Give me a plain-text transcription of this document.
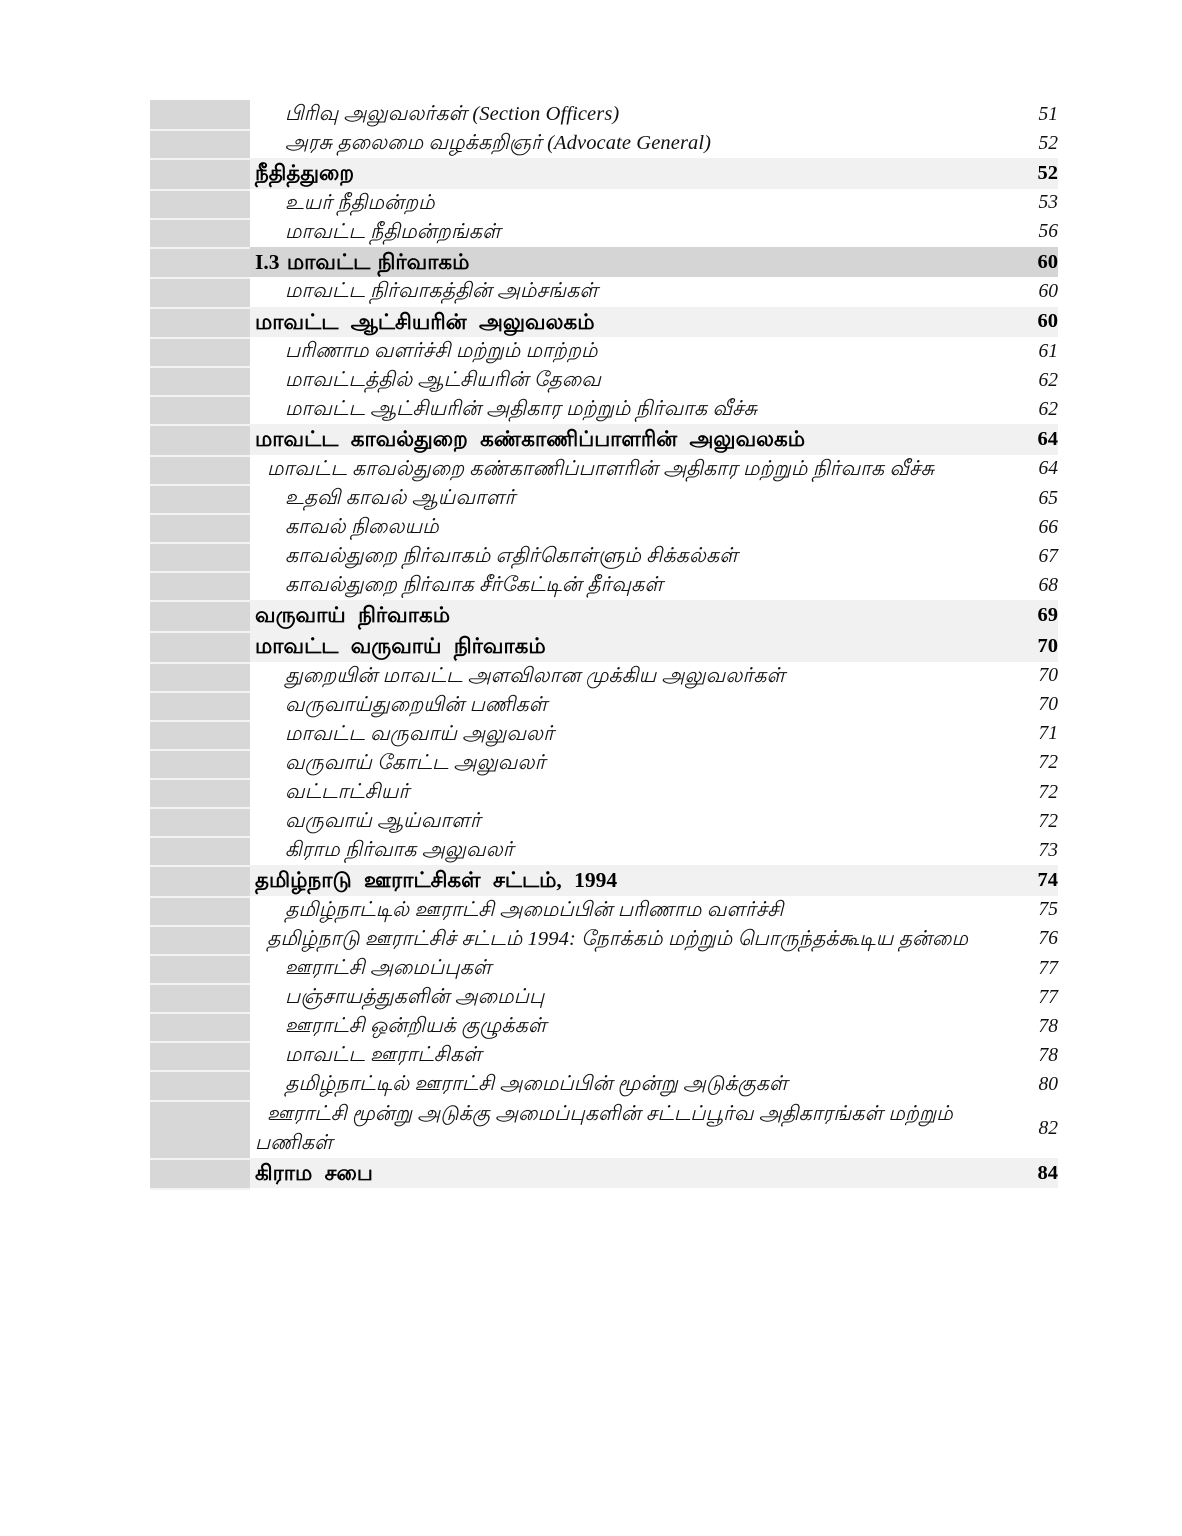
	பிரிவு அலுவலர்கள் (Section Officers)	51

	அரசு தலைமை வழக்கறிஞர் (Advocate General)	52

	நீதித்துறை	52

	உயர் நீதிமன்றம்	53

	மாவட்ட நீதிமன்றங்கள்	56

	I.3 மாவட்ட நிர்வாகம்	60

	மாவட்ட நிர்வாகத்தின் அம்சங்கள்	60

	மாவட்ட ஆட்சியரின் அலுவலகம்	60

	பரிணாம வளர்ச்சி மற்றும் மாற்றம்	61

	மாவட்டத்தில் ஆட்சியரின் தேவை	62

	மாவட்ட ஆட்சியரின் அதிகார மற்றும் நிர்வாக வீச்சு	62

	மாவட்ட காவல்துறை கண்காணிப்பாளரின் அலுவலகம்	64

	மாவட்ட காவல்துறை கண்காணிப்பாளரின் அதிகார மற்றும் நிர்வாக வீச்சு	64

	உதவி காவல் ஆய்வாளர்	65

	காவல் நிலையம்	66

	காவல்துறை நிர்வாகம் எதிர்கொள்ளும் சிக்கல்கள்	67

	காவல்துறை நிர்வாக சீர்கேட்டின் தீர்வுகள்	68

	வருவாய் நிர்வாகம்	69

	மாவட்ட வருவாய் நிர்வாகம்	70

	துறையின் மாவட்ட அளவிலான முக்கிய அலுவலர்கள்	70

	வருவாய்துறையின் பணிகள்	70

	மாவட்ட வருவாய் அலுவலர்	71

	வருவாய் கோட்ட அலுவலர்	72

	வட்டாட்சியர்	72

	வருவாய் ஆய்வாளர்	72

	கிராம நிர்வாக அலுவலர்	73

	தமிழ்நாடு ஊராட்சிகள் சட்டம், 1994	74

	தமிழ்நாட்டில் ஊராட்சி அமைப்பின் பரிணாம வளர்ச்சி	75

	தமிழ்நாடு ஊராட்சிச் சட்டம் 1994: நோக்கம் மற்றும் பொருந்தக்கூடிய தன்மை	76

	ஊராட்சி அமைப்புகள்	77

	பஞ்சாயத்துகளின் அமைப்பு	77

	ஊராட்சி ஒன்றியக் குழுக்கள்	78

	மாவட்ட ஊராட்சிகள்	78

	தமிழ்நாட்டில் ஊராட்சி அமைப்பின் மூன்று அடுக்குகள்	80

	ஊராட்சி மூன்று அடுக்கு அமைப்புகளின் சட்டப்பூர்வ அதிகாரங்கள் மற்றும் பணிகள்	82

	கிராம சபை	84
